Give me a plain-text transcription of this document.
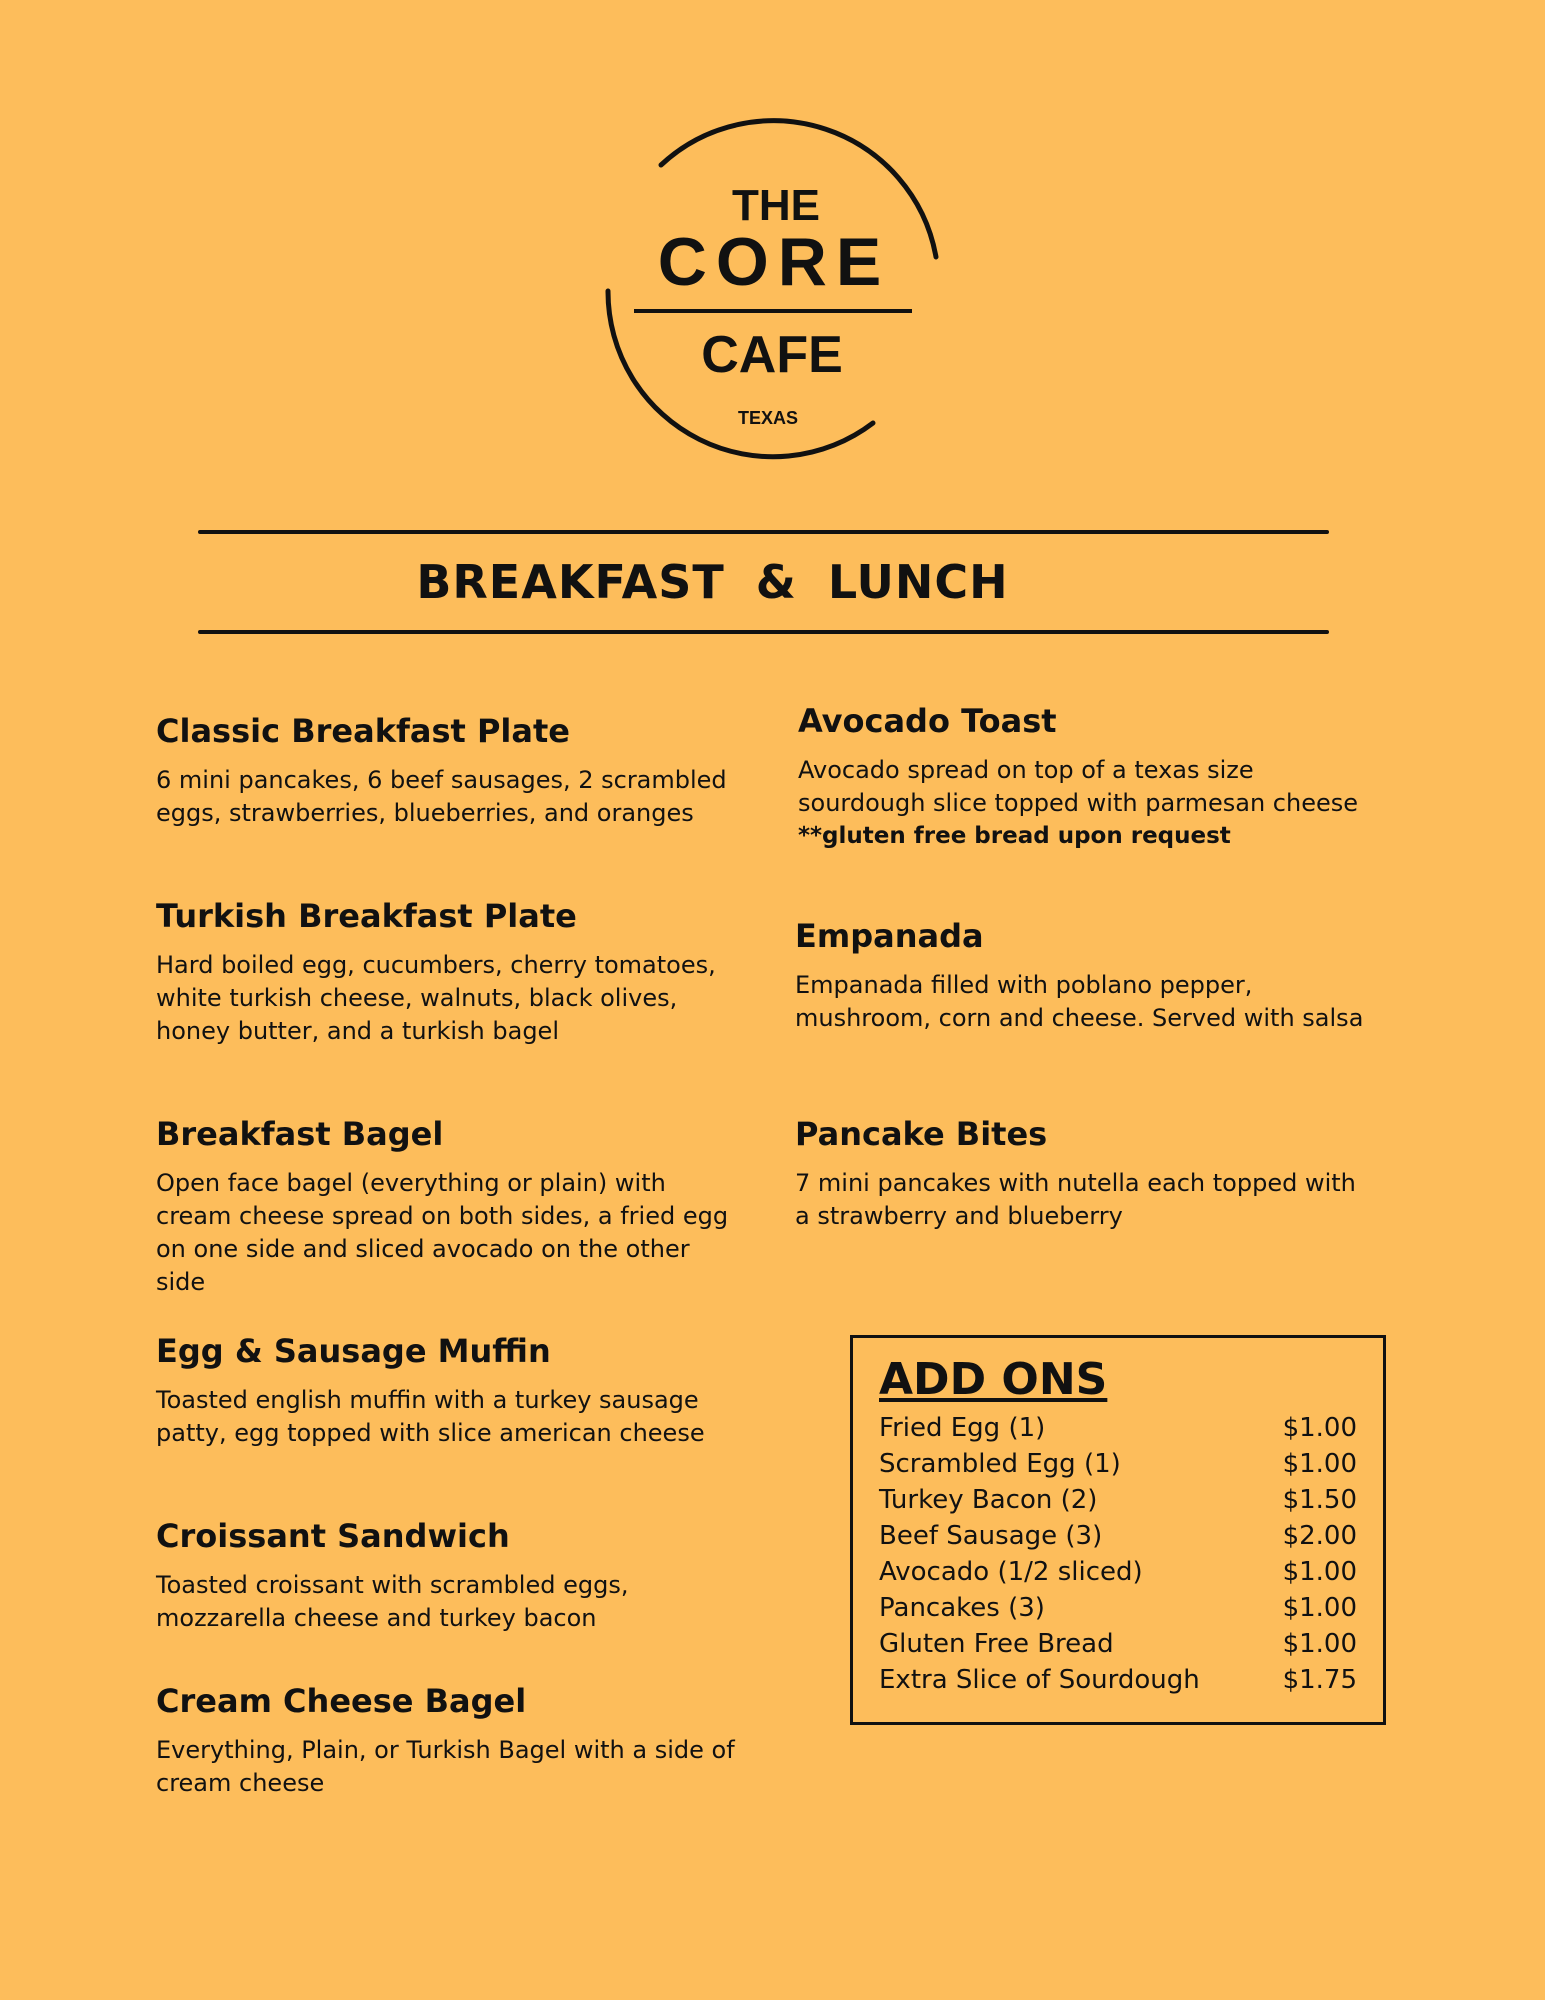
THE
CORE
CAFE
TEXAS
BREAKFAST & LUNCH
Classic Breakfast Plate

6 mini pancakes, 6 beef sausages, 2 scrambled eggs, strawberries, blueberries, and oranges

Turkish Breakfast Plate

Hard boiled egg, cucumbers, cherry tomatoes, white turkish cheese, walnuts, black olives, honey butter, and a turkish bagel

Breakfast Bagel

Open face bagel (everything or plain) with cream cheese spread on both sides, a fried egg on one side and sliced avocado on the other side

Egg & Sausage Muffin

Toasted english muffin with a turkey sausage patty, egg topped with slice american cheese

Croissant Sandwich

Toasted croissant with scrambled eggs, mozzarella cheese and turkey bacon

Cream Cheese Bagel

Everything, Plain, or Turkish Bagel with a side of cream cheese

Avocado Toast

Avocado spread on top of a texas size sourdough slice topped with parmesan cheese

**gluten free bread upon request

Empanada

Empanada filled with poblano pepper, mushroom, corn and cheese. Served with salsa

Pancake Bites

7 mini pancakes with nutella each topped with a strawberry and blueberry

ADD ONS
Fried Egg (1)	$1.00
Scrambled Egg (1)	$1.00
Turkey Bacon (2)	$1.50
Beef Sausage (3)	$2.00
Avocado (1/2 sliced)	$1.00
Pancakes (3)	$1.00
Gluten Free Bread	$1.00
Extra Slice of Sourdough	$1.75
